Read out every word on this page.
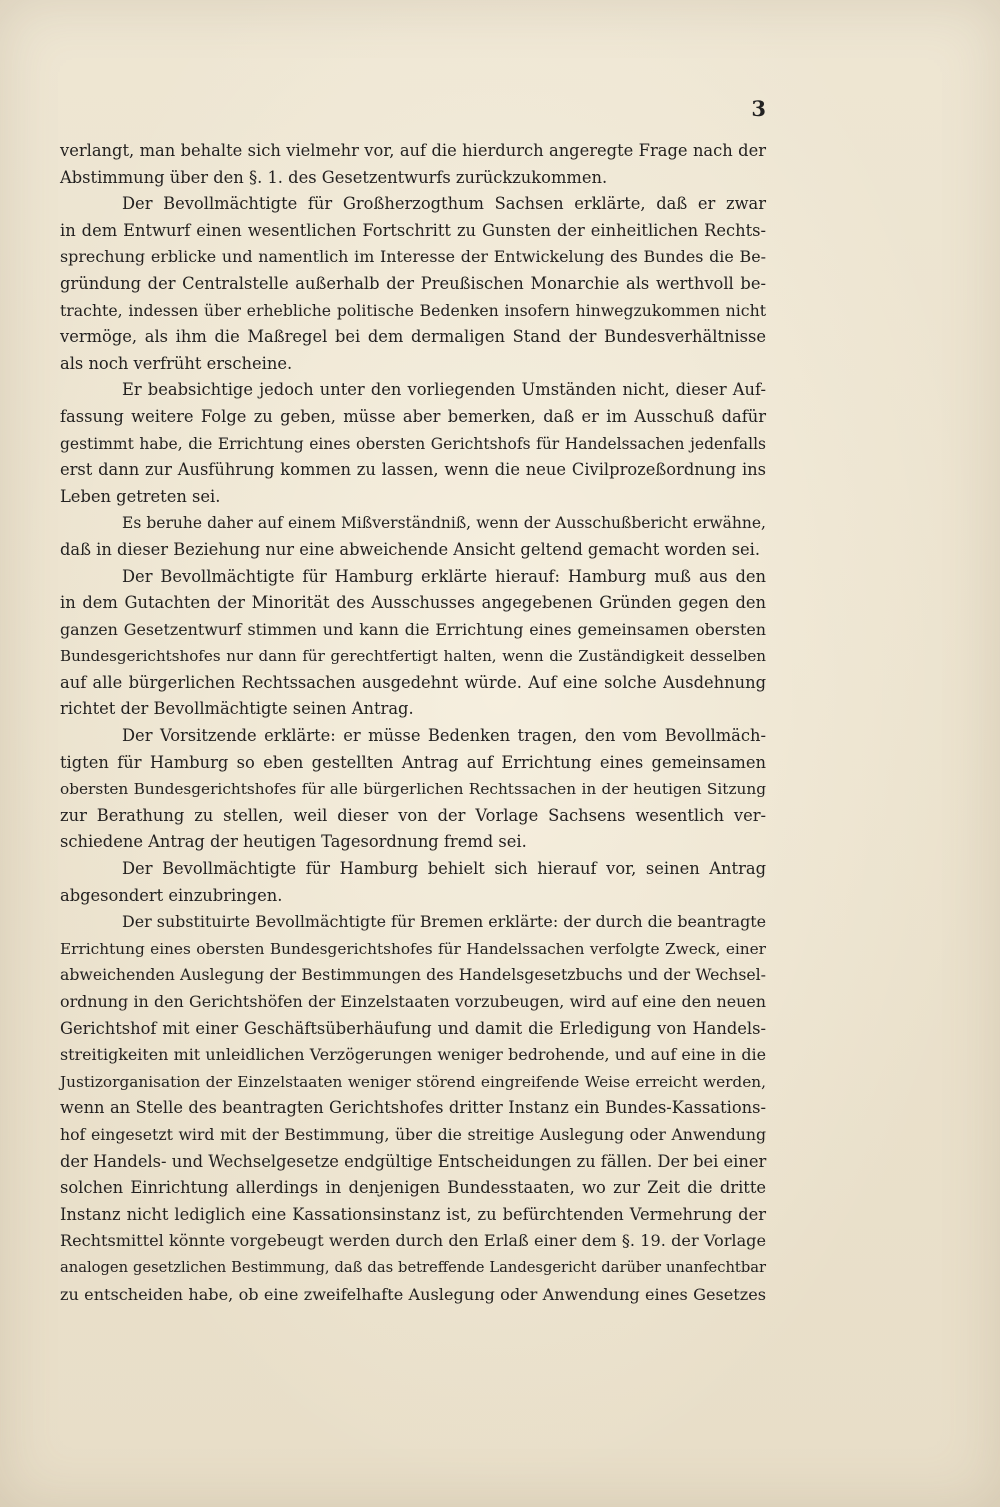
3
verlangt, man behalte sich vielmehr vor, auf die hierdurch angeregte Frage nach der
Abstimmung über den §. 1. des Gesetzentwurfs zurückzukommen.
Der Bevollmächtigte für Großherzogthum Sachsen erklärte, daß er zwar
in dem Entwurf einen wesentlichen Fortschritt zu Gunsten der einheitlichen Rechts-
sprechung erblicke und namentlich im Interesse der Entwickelung des Bundes die Be-
gründung der Centralstelle außerhalb der Preußischen Monarchie als werthvoll be-
trachte, indessen über erhebliche politische Bedenken insofern hinwegzukommen nicht
vermöge, als ihm die Maßregel bei dem dermaligen Stand der Bundesverhältnisse
als noch verfrüht erscheine.
Er beabsichtige jedoch unter den vorliegenden Umständen nicht, dieser Auf-
fassung weitere Folge zu geben, müsse aber bemerken, daß er im Ausschuß dafür
gestimmt habe, die Errichtung eines obersten Gerichtshofs für Handelssachen jedenfalls
erst dann zur Ausführung kommen zu lassen, wenn die neue Civilprozeßordnung ins
Leben getreten sei.
Es beruhe daher auf einem Mißverständniß, wenn der Ausschußbericht erwähne,
daß in dieser Beziehung nur eine abweichende Ansicht geltend gemacht worden sei.
Der Bevollmächtigte für Hamburg erklärte hierauf: Hamburg muß aus den
in dem Gutachten der Minorität des Ausschusses angegebenen Gründen gegen den
ganzen Gesetzentwurf stimmen und kann die Errichtung eines gemeinsamen obersten
Bundesgerichtshofes nur dann für gerechtfertigt halten, wenn die Zuständigkeit desselben
auf alle bürgerlichen Rechtssachen ausgedehnt würde. Auf eine solche Ausdehnung
richtet der Bevollmächtigte seinen Antrag.
Der Vorsitzende erklärte: er müsse Bedenken tragen, den vom Bevollmäch-
tigten für Hamburg so eben gestellten Antrag auf Errichtung eines gemeinsamen
obersten Bundesgerichtshofes für alle bürgerlichen Rechtssachen in der heutigen Sitzung
zur Berathung zu stellen, weil dieser von der Vorlage Sachsens wesentlich ver-
schiedene Antrag der heutigen Tagesordnung fremd sei.
Der Bevollmächtigte für Hamburg behielt sich hierauf vor, seinen Antrag
abgesondert einzubringen.
Der substituirte Bevollmächtigte für Bremen erklärte: der durch die beantragte
Errichtung eines obersten Bundesgerichtshofes für Handelssachen verfolgte Zweck, einer
abweichenden Auslegung der Bestimmungen des Handelsgesetzbuchs und der Wechsel-
ordnung in den Gerichtshöfen der Einzelstaaten vorzubeugen, wird auf eine den neuen
Gerichtshof mit einer Geschäftsüberhäufung und damit die Erledigung von Handels-
streitigkeiten mit unleidlichen Verzögerungen weniger bedrohende, und auf eine in die
Justizorganisation der Einzelstaaten weniger störend eingreifende Weise erreicht werden,
wenn an Stelle des beantragten Gerichtshofes dritter Instanz ein Bundes-Kassations-
hof eingesetzt wird mit der Bestimmung, über die streitige Auslegung oder Anwendung
der Handels- und Wechselgesetze endgültige Entscheidungen zu fällen. Der bei einer
solchen Einrichtung allerdings in denjenigen Bundesstaaten, wo zur Zeit die dritte
Instanz nicht lediglich eine Kassationsinstanz ist, zu befürchtenden Vermehrung der
Rechtsmittel könnte vorgebeugt werden durch den Erlaß einer dem §. 19. der Vorlage
analogen gesetzlichen Bestimmung, daß das betreffende Landesgericht darüber unanfechtbar
zu entscheiden habe, ob eine zweifelhafte Auslegung oder Anwendung eines Gesetzes
